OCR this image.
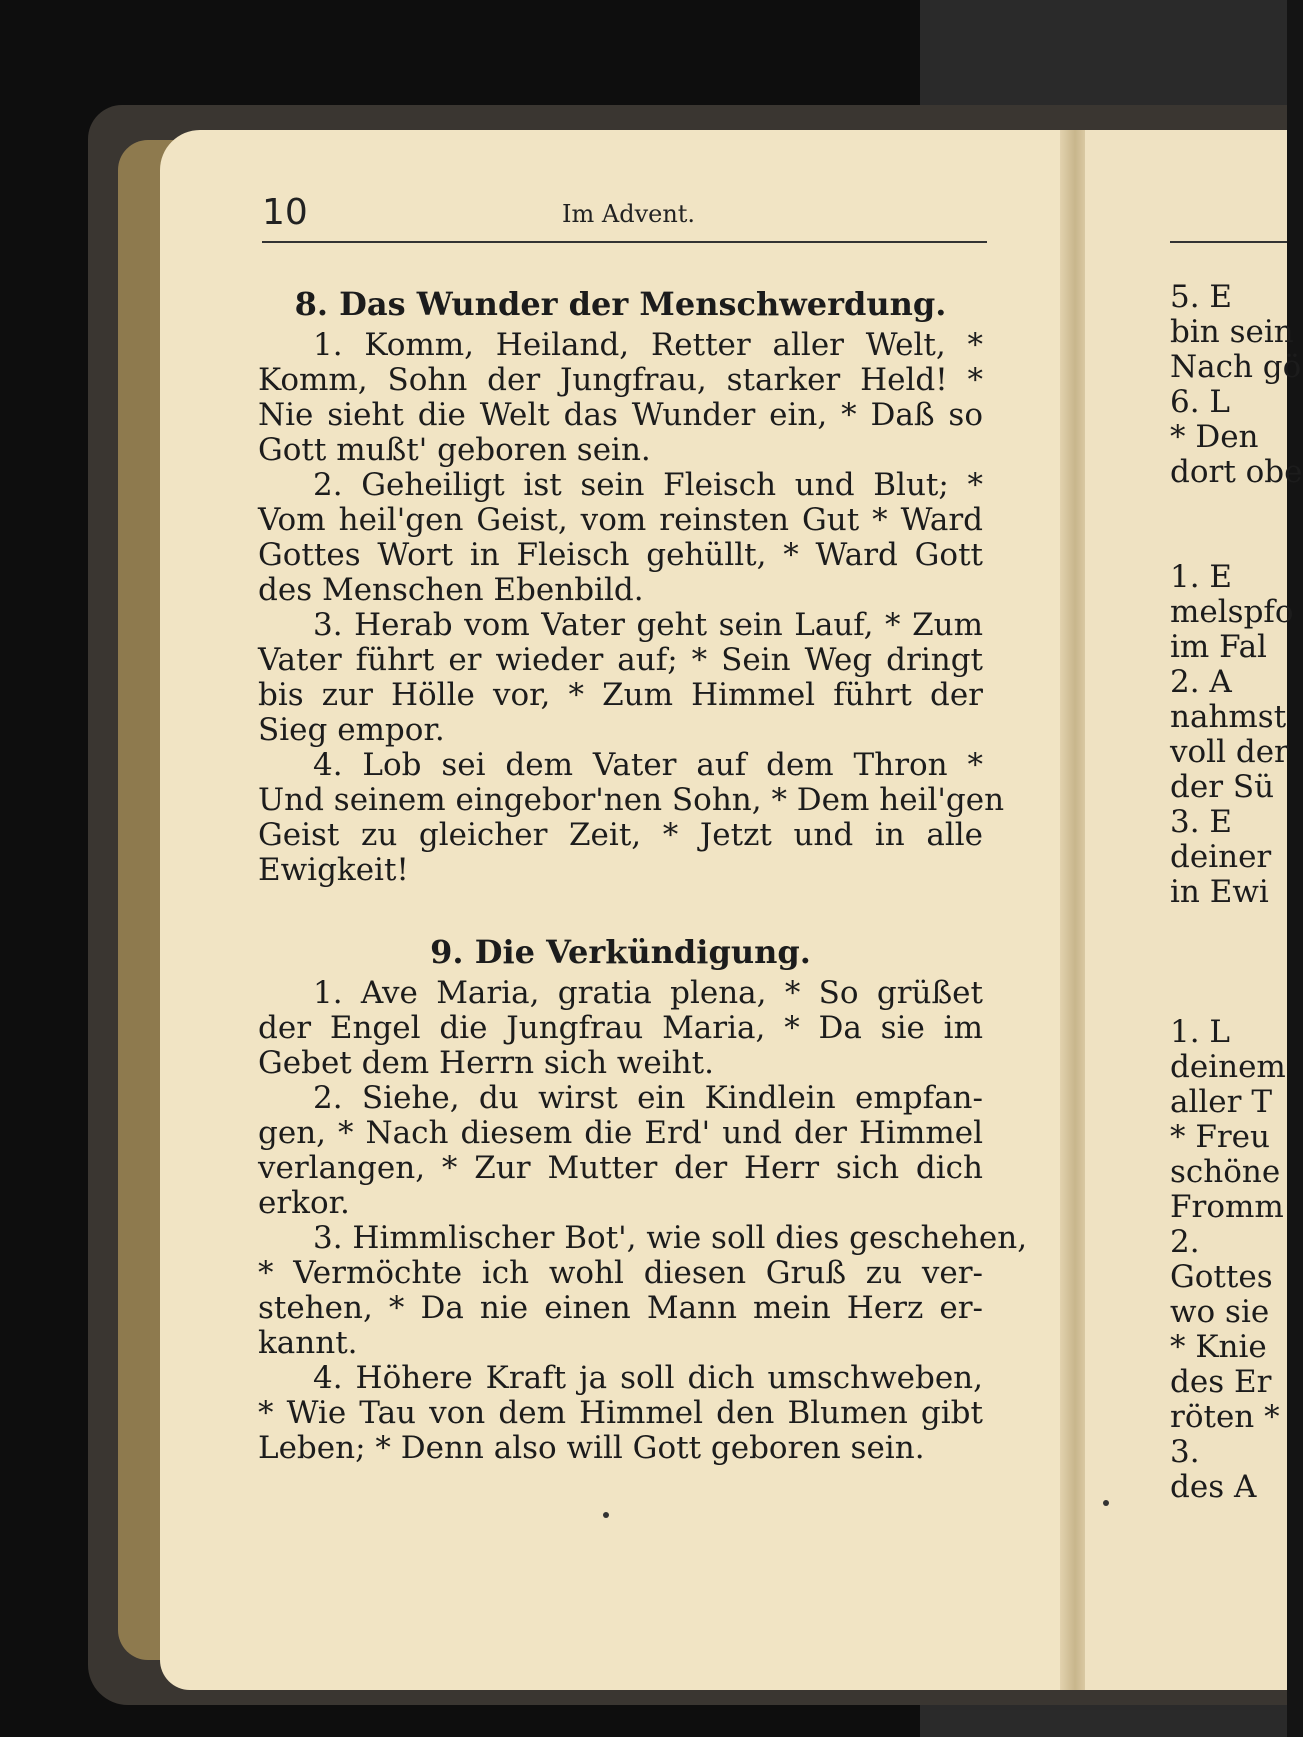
10	Im Advent.
8. Das Wunder der Menschwerdung.
1. Komm, Heiland, Retter aller Welt, *
Komm, Sohn der Jungfrau, starker Held! *
Nie sieht die Welt das Wunder ein, * Daß so
Gott mußt' geboren sein.
2. Geheiligt ist sein Fleisch und Blut; *
Vom heil'gen Geist, vom reinsten Gut * Ward
Gottes Wort in Fleisch gehüllt, * Ward Gott
des Menschen Ebenbild.
3. Herab vom Vater geht sein Lauf, * Zum
Vater führt er wieder auf; * Sein Weg dringt
bis zur Hölle vor, * Zum Himmel führt der
Sieg empor.
4. Lob sei dem Vater auf dem Thron *
Und seinem eingebor'nen Sohn, * Dem heil'gen
Geist zu gleicher Zeit, * Jetzt und in alle
Ewigkeit!
9. Die Verkündigung.
1. Ave Maria, gratia plena, * So grüßet
der Engel die Jungfrau Maria, * Da sie im
Gebet dem Herrn sich weiht.
2. Siehe, du wirst ein Kindlein empfan-
gen, * Nach diesem die Erd' und der Himmel
verlangen, * Zur Mutter der Herr sich dich
erkor.
3. Himmlischer Bot', wie soll dies geschehen,
* Vermöchte ich wohl diesen Gruß zu ver-
stehen, * Da nie einen Mann mein Herz er-
kannt.
4. Höhere Kraft ja soll dich umschweben,
* Wie Tau von dem Himmel den Blumen gibt
Leben; * Denn also will Gott geboren sein.
5. E
bin sein
Nach gö
6. L
* Den
dort obe
1. E
melspfo
im Fal
2. A
nahmst
voll der
der Sü
3. E
deiner
in Ewi
1. L
deinem
aller T
* Freu
schöne
Fromm
2.
Gottes
wo sie
* Knie
des Er
röten *
3.
des A
